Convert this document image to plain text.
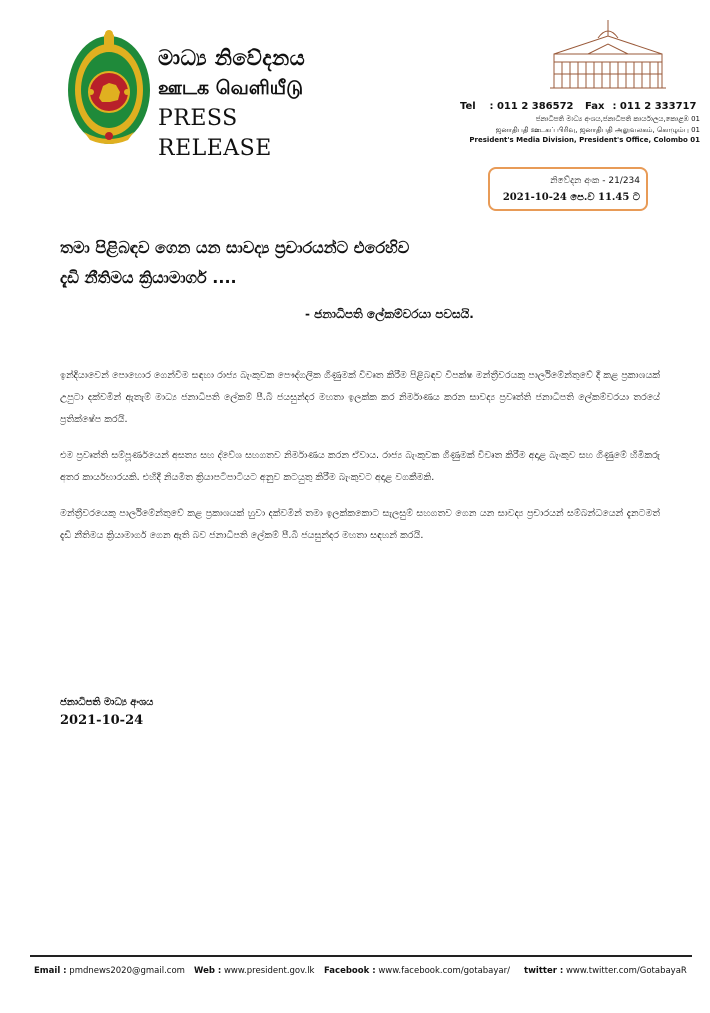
මාධ්‍ය නිවේදනය
ஊடக வெளியீடு
PRESS RELEASE
Tel : 011 2 386572 Fax : 011 2 333717
ජනාධිපති මාධ්‍ය අංශය,ජනාධිපති කාර්යාලය,කොළඹ 01
ஜனாதிபதி ஊடகப் பிரிவு, ஜனாதிபதி அலுவலகம், கொழும்பு 01
President's Media Division, President's Office, Colombo 01
නිවේදන අංක - 21/234
2021-10-24 පෙ.ව 11.45 ට
තමා පිළිබඳව ගෙන යන සාවද්‍ය ප්‍රචාරයන්ට එරෙහිව
දැඩි නීතිමය ක්‍රියාමාර්ග ....
- ජනාධිපති ලේකම්වරයා පවසයි.

ඉන්දියාවෙන් පොහොර ගෙන්වීම සඳහා රාජ්‍ය බැංකුවක පෞද්ගලික ගිණුමක් විවෘත කිරීම පිළිබඳව විපක්ෂ මන්ත්‍රීවරයකු පාර්ලිමේන්තුවේ දී කළ ප්‍රකාශයක් උපුටා දක්වමින් ඇතැම් මාධ්‍ය ජනාධිපති ලේකම් පී.බී ජයසුන්දර මහතා ඉලක්ක කර නිර්මාණය කරන සාවද්‍ය ප්‍රවෘත්ති ජනාධිපති ලේකම්වරයා තරයේ ප්‍රතික්ෂේප කරයි.

එම ප්‍රවෘත්ති සම්පූර්ණයෙන් අසත්‍ය සහ ද්වේශ සහගතව නිර්මාණය කරන ඒවාය. රාජ්‍ය බැංකුවක ගිණුමක් විවෘත කිරීම අදාළ බැංකුව සහ ගිණුමේ හිමිකරු අතර කාර්යභාරයකි. එහිදී නියමිත ක්‍රියාපටිපාටියට අනුව කටයුතු කිරීම බැංකුවට අදාළ වගකීමකි.

මන්ත්‍රීවරයෙකු පාර්ලිමේන්තුවේ කළ ප්‍රකාශයක් හුවා දක්වමින් තමා ඉලක්කකොට සැලසුම් සහගතව ගෙන යන සාවද්‍ය ප්‍රචාරයන් සම්බන්ධයෙන් දැනටමත් දැඩි නීතිමය ක්‍රියාමාර්ග ගෙන ඇති බව ජනාධිපති ලේකම් පී.බී ජයසුන්දර මහතා සඳහන් කරයි.

ජනාධිපති මාධ්‍ය අංශය
2021-10-24
Email : pmdnews2020@gmail.com Web : www.president.gov.lk Facebook : www.facebook.com/gotabayar/ twitter : www.twitter.com/GotabayaR
